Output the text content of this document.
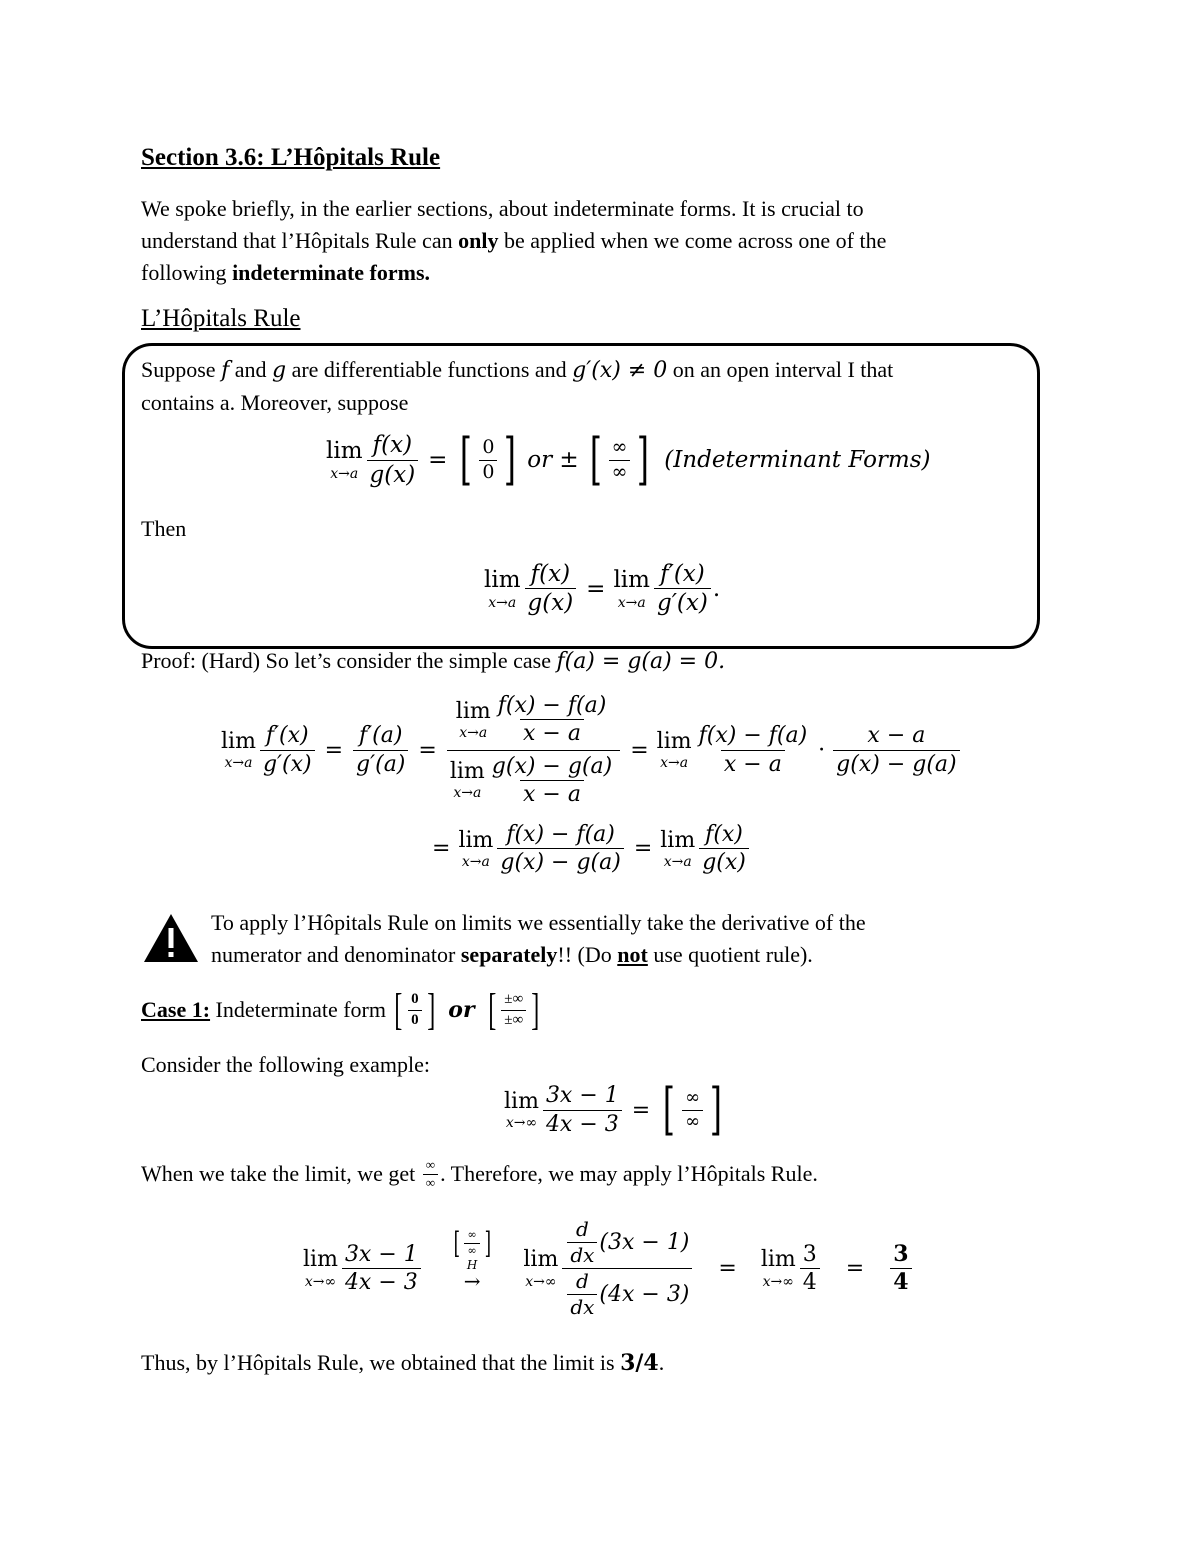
Section 3.6: L’Hôpitals Rule
We spoke briefly, in the earlier sections, about indeterminate forms. It is crucial to
understand that l’Hôpitals Rule can only be applied when we come across one of the
following indeterminate forms.
L’Hôpitals Rule
Suppose f and g are differentiable functions and g′(x) ≠ 0 on an open interval I that
contains a. Moreover, suppose
lim
$x\to a \frac{f(x)}{g(x)}$ = [ $\frac{0}{0}$ ] or ± [ $\frac{\infty}{\infty}$ ] (Indeterminant Forms)
Then
lim
$x\to a \frac{f(x)}{g(x)} = \lim$
$x\to a \frac{f'(x)}{g'(x)}$ .
Proof: (Hard) So let’s consider the simple case f(a) = g(a) = 0.
lim
$x\to a \frac{f'(x)}{g'(x)} = \frac{f'(a)}{g'(a)} = \lim$
$x\to a \frac{f(x) - f(a)}{x - a}$
lim
$x\to a \frac{g(x) - g(a)}{x - a} = \lim$
$x\to a \frac{f(x) - f(a)}{x - a} \cdot \frac{x - a}{g(x) - g(a)}$
= lim
$x\to a \frac{f(x) - f(a)}{g(x) - g(a)} = \lim$
$x\to a \frac{f(x)}{g(x)}$
To apply l’Hôpitals Rule on limits we essentially take the derivative of the
numerator and denominator separately!! (Do not use quotient rule).
Case 1: Indeterminate form [ $\frac{0}{0}$ ] or [ $\frac{\pm\infty}{\pm\infty}$ ]
Consider the following example:
lim
$x\to\infty \frac{3x - 1}{4x - 3}$ = [ $\frac{\infty}{\infty}$ ]
When we take the limit, we get $\frac{\infty}{\infty}$ . Therefore, we may apply l’Hôpitals Rule.
lim
$x\to\infty \frac{3x - 1}{4x - 3}$ [ $\frac{\infty}{\infty}$ ]
H
→
lim
$x\to\infty \frac{\frac{d}{dx} (3x - 1)}{\frac{d}{dx} (4x - 3)} = \lim$
$x\to\infty \frac{3}{4} = \frac{3}{4}$
Thus, by l’Hôpitals Rule, we obtained that the limit is 3/4.
